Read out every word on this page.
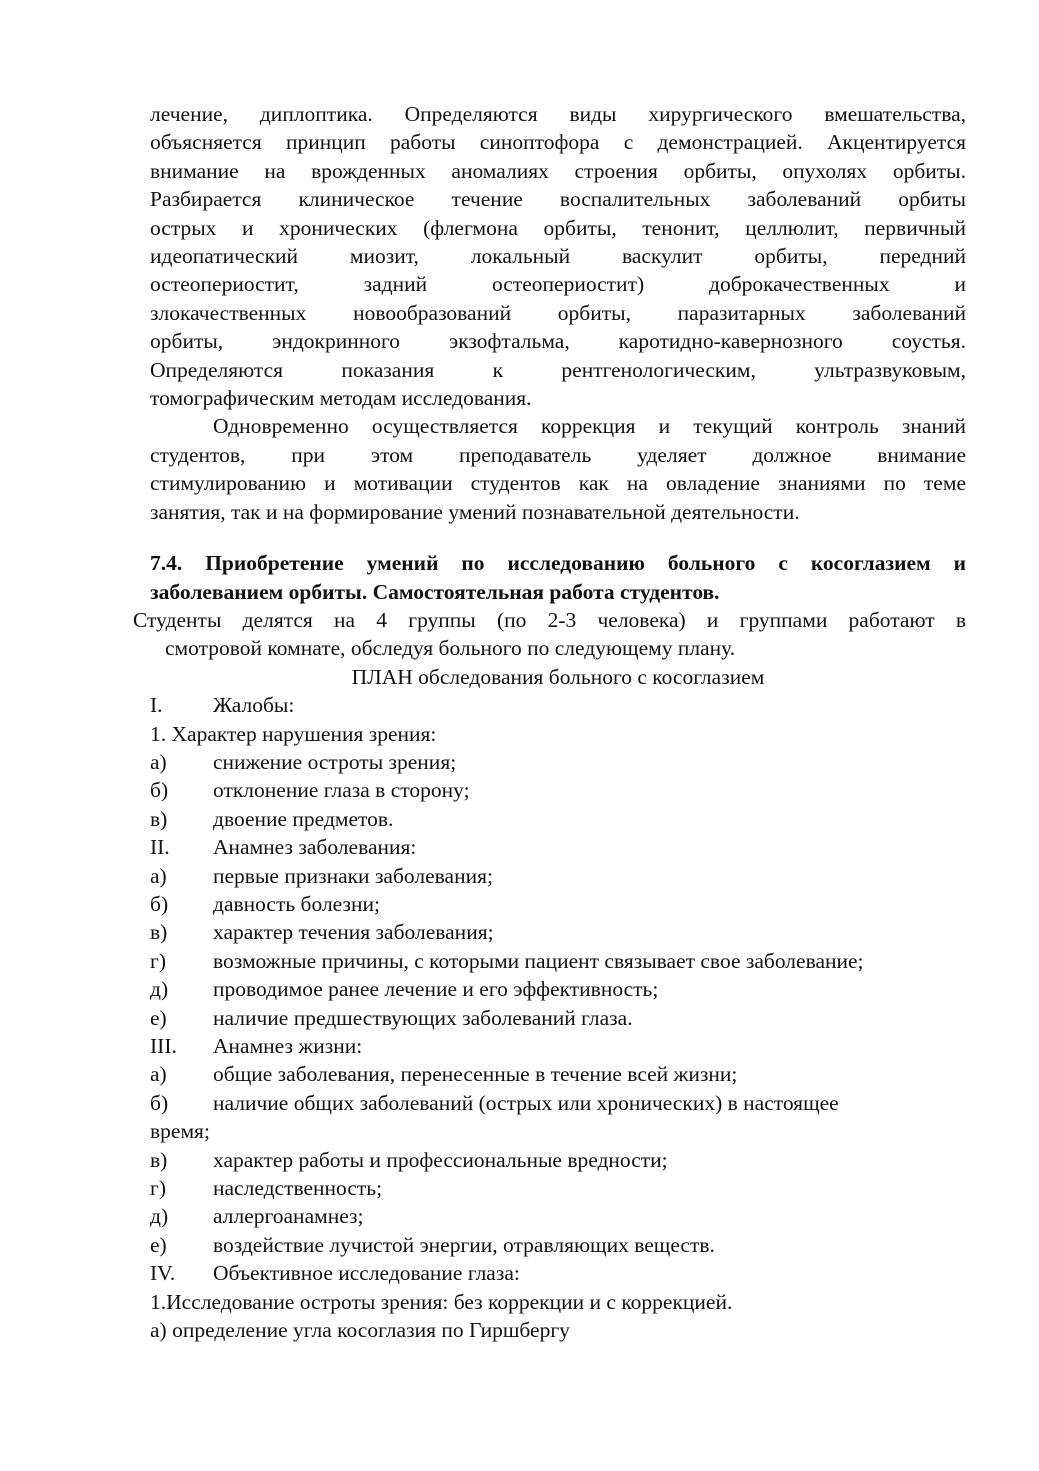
лечение, диплоптика. Определяются виды хирургического вмешательства,

объясняется принцип работы синоптофора с демонстрацией. Акцентируется

внимание на врожденных аномалиях строения орбиты, опухолях орбиты.

Разбирается клиническое течение воспалительных заболеваний орбиты

острых и хронических (флегмона орбиты, тенонит, целлюлит, первичный

идеопатический миозит, локальный васкулит орбиты, передний

остеопериостит, задний остеопериостит) доброкачественных и

злокачественных новообразований орбиты, паразитарных заболеваний

орбиты, эндокринного экзофтальма, каротидно-кавернозного соустья.

Определяются показания к рентгенологическим, ультразвуковым,

томографическим методам исследования.

Одновременно осуществляется коррекция и текущий контроль знаний

студентов, при этом преподаватель уделяет должное внимание

стимулированию и мотивации студентов как на овладение знаниями по теме

занятия, так и на формирование умений познавательной деятельности.

7.4. Приобретение умений по исследованию больного с косоглазием и

заболеванием орбиты. Самостоятельная работа студентов.

Студенты делятся на 4 группы (по 2-3 человека) и группами работают в

смотровой комнате, обследуя больного по следующему плану.

ПЛАН обследования больного с косоглазием

I.	Жалобы:

1. Характер нарушения зрения:

а)	снижение остроты зрения;
б)	отклонение глаза в сторону;
в)	двоение предметов.
II.	Анамнез заболевания:
а)	первые признаки заболевания;
б)	давность болезни;
в)	характер течения заболевания;
г)	возможные причины, с которыми пациент связывает свое заболевание;
д)	проводимое ранее лечение и его эффективность;
е)	наличие предшествующих заболеваний глаза.
III.	Анамнез жизни:
а)	общие заболевания, перенесенные в течение всей жизни;
б)	наличие общих заболеваний (острых или хронических) в настоящее

время;

в)	характер работы и профессиональные вредности;
г)	наследственность;
д)	аллергоанамнез;
е)	воздействие лучистой энергии, отравляющих веществ.
IV.	Объективное исследование глаза:

1.Исследование остроты зрения: без коррекции и с коррекцией.

а) определение угла косоглазия по Гиршбергу
